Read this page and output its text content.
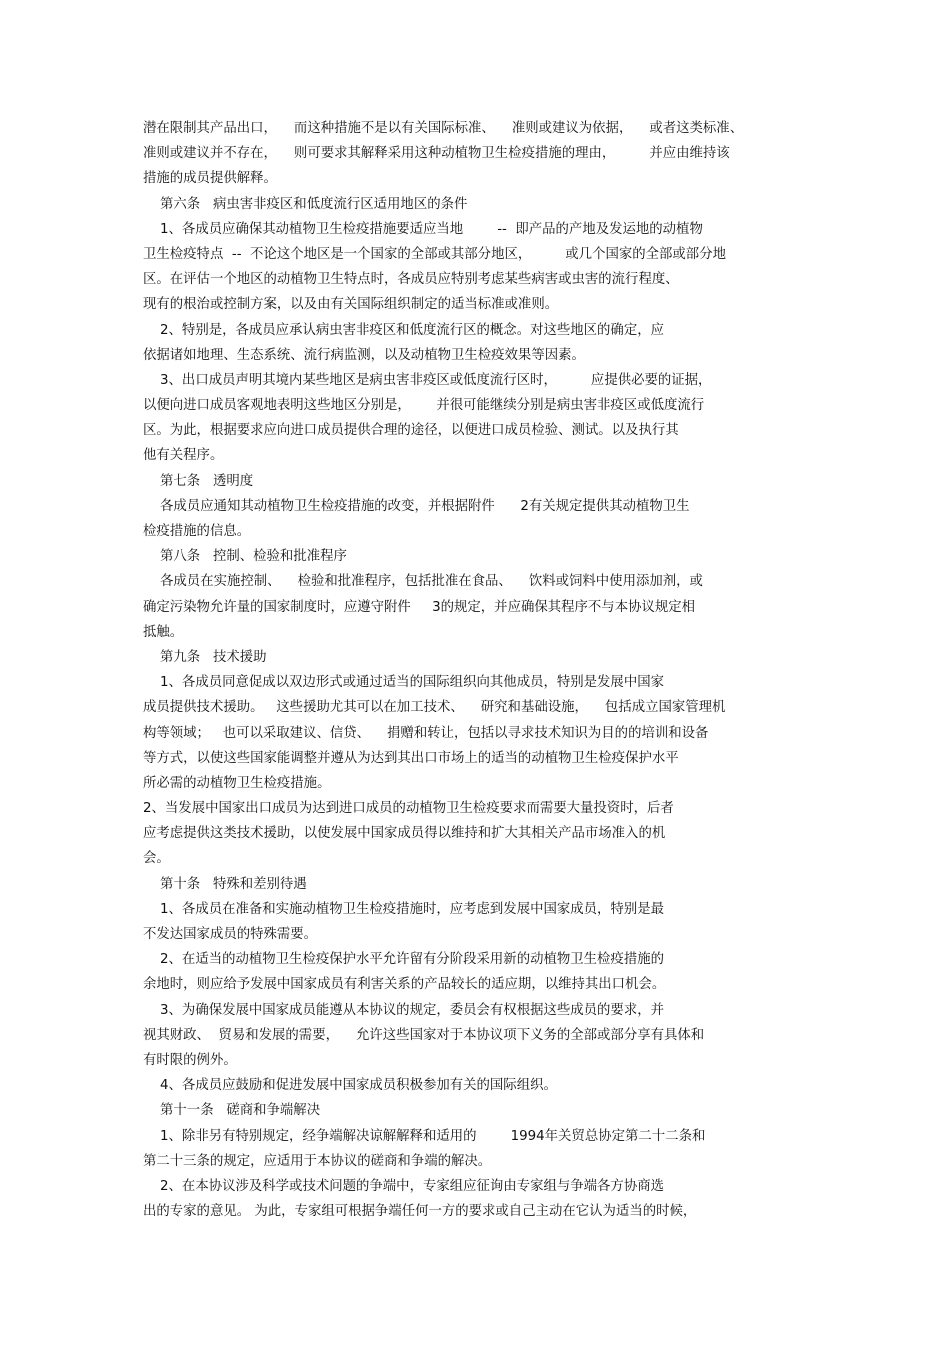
潜在限制其产品出口，    而这种措施不是以有关国际标准、    准则或建议为依据，    或者这类标准、
准则或建议并不存在，    则可要求其解释采用这种动植物卫生检疫措施的理由，        并应由维持该
措施的成员提供解释。
第六条   病虫害非疫区和低度流行区适用地区的条件
1、各成员应确保其动植物卫生检疫措施要适应当地        --  即产品的产地及发运地的动植物
卫生检疫特点  --  不论这个地区是一个国家的全部或其部分地区，        或几个国家的全部或部分地
区。在评估一个地区的动植物卫生特点时，各成员应特别考虑某些病害或虫害的流行程度、
现有的根治或控制方案，以及由有关国际组织制定的适当标准或准则。
2、特别是，各成员应承认病虫害非疫区和低度流行区的概念。对这些地区的确定，应
依据诸如地理、生态系统、流行病监测，以及动植物卫生检疫效果等因素。
3、出口成员声明其境内某些地区是病虫害非疫区或低度流行区时，        应提供必要的证据，
以便向进口成员客观地表明这些地区分别是，      并很可能继续分别是病虫害非疫区或低度流行
区。为此，根据要求应向进口成员提供合理的途径，以便进口成员检验、测试。以及执行其
他有关程序。
第七条   透明度
各成员应通知其动植物卫生检疫措施的改变，并根据附件      2有关规定提供其动植物卫生
检疫措施的信息。
第八条   控制、检验和批准程序
各成员在实施控制、    检验和批准程序，包括批准在食品、    饮料或饲料中使用添加剂，或
确定污染物允许量的国家制度时，应遵守附件     3的规定，并应确保其程序不与本协议规定相
抵触。
第九条   技术援助
1、各成员同意促成以双边形式或通过适当的国际组织向其他成员，特别是发展中国家
成员提供技术援助。   这些援助尤其可以在加工技术、    研究和基础设施，    包括成立国家管理机
构等领域；   也可以采取建议、信贷、    捐赠和转让，包括以寻求技术知识为目的的培训和设备
等方式，以使这些国家能调整并遵从为达到其出口市场上的适当的动植物卫生检疫保护水平
所必需的动植物卫生检疫措施。
2、当发展中国家出口成员为达到进口成员的动植物卫生检疫要求而需要大量投资时，后者
应考虑提供这类技术援助，以使发展中国家成员得以维持和扩大其相关产品市场准入的机
会。
第十条   特殊和差别待遇
1、各成员在准备和实施动植物卫生检疫措施时，应考虑到发展中国家成员，特别是最
不发达国家成员的特殊需要。
2、在适当的动植物卫生检疫保护水平允许留有分阶段采用新的动植物卫生检疫措施的
余地时，则应给予发展中国家成员有利害关系的产品较长的适应期，以维持其出口机会。
3、为确保发展中国家成员能遵从本协议的规定，委员会有权根据这些成员的要求，并
视其财政、  贸易和发展的需要，    允许这些国家对于本协议项下义务的全部或部分享有具体和
有时限的例外。
4、各成员应鼓励和促进发展中国家成员积极参加有关的国际组织。
第十一条   磋商和争端解决
1、除非另有特别规定，经争端解决谅解解释和适用的        1994年关贸总协定第二十二条和
第二十三条的规定，应适用于本协议的磋商和争端的解决。
2、在本协议涉及科学或技术问题的争端中，专家组应征询由专家组与争端各方协商选
出的专家的意见。 为此，专家组可根据争端任何一方的要求或自己主动在它认为适当的时候，
